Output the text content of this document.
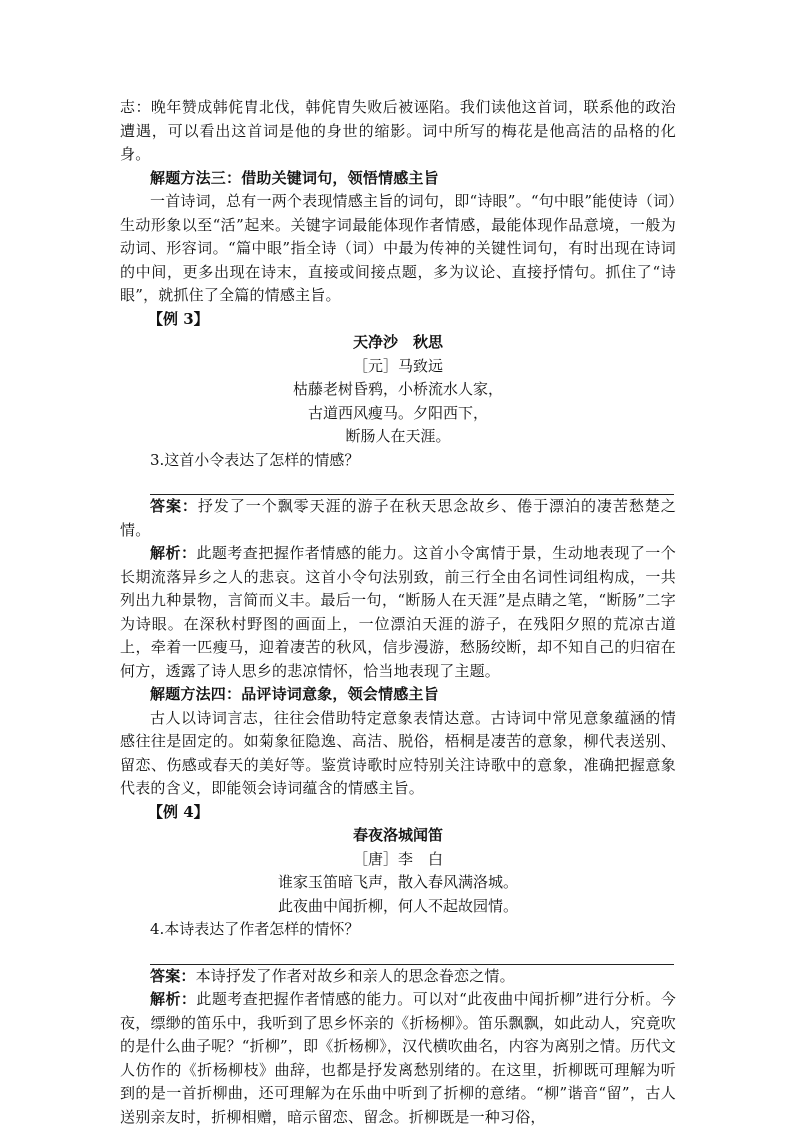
志：晚年赞成韩侂胄北伐，韩侂胄失败后被诬陷。我们读他这首词，联系他的政治遭遇，可以看出这首词是他的身世的缩影。词中所写的梅花是他高洁的品格的化身。

解题方法三：借助关键词句，领悟情感主旨

一首诗词，总有一两个表现情感主旨的词句，即“诗眼”。“句中眼”能使诗（词）生动形象以至“活”起来。关键字词最能体现作者情感，最能体现作品意境，一般为动词、形容词。“篇中眼”指全诗（词）中最为传神的关键性词句，有时出现在诗词的中间，更多出现在诗末，直接或间接点题，多为议论、直接抒情句。抓住了“诗眼”，就抓住了全篇的情感主旨。

【例 3】

天净沙　秋思

［元］马致远

枯藤老树昏鸦，小桥流水人家，

古道西风瘦马。夕阳西下，

断肠人在天涯。

3.这首小令表达了怎样的情感？

答案：抒发了一个飘零天涯的游子在秋天思念故乡、倦于漂泊的凄苦愁楚之情。

解析：此题考查把握作者情感的能力。这首小令寓情于景，生动地表现了一个长期流落异乡之人的悲哀。这首小令句法别致，前三行全由名词性词组构成，一共列出九种景物，言简而义丰。最后一句，“断肠人在天涯”是点睛之笔，“断肠”二字为诗眼。在深秋村野图的画面上，一位漂泊天涯的游子，在残阳夕照的荒凉古道上，牵着一匹瘦马，迎着凄苦的秋风，信步漫游，愁肠绞断，却不知自己的归宿在何方，透露了诗人思乡的悲凉情怀，恰当地表现了主题。

解题方法四：品评诗词意象，领会情感主旨

古人以诗词言志，往往会借助特定意象表情达意。古诗词中常见意象蕴涵的情感往往是固定的。如菊象征隐逸、高洁、脱俗，梧桐是凄苦的意象，柳代表送别、留恋、伤感或春天的美好等。鉴赏诗歌时应特别关注诗歌中的意象，准确把握意象代表的含义，即能领会诗词蕴含的情感主旨。

【例 4】

春夜洛城闻笛

［唐］李　白

谁家玉笛暗飞声，散入春风满洛城。

此夜曲中闻折柳，何人不起故园情。

4.本诗表达了作者怎样的情怀？

答案：本诗抒发了作者对故乡和亲人的思念眷恋之情。

解析：此题考查把握作者情感的能力。可以对“此夜曲中闻折柳”进行分析。今夜，缥缈的笛乐中，我听到了思乡怀亲的《折杨柳》。笛乐飘飘，如此动人，究竟吹的是什么曲子呢？“折柳”，即《折杨柳》，汉代横吹曲名，内容为离别之情。历代文人仿作的《折杨柳枝》曲辞，也都是抒发离愁别绪的。在这里，折柳既可理解为听到的是一首折柳曲，还可理解为在乐曲中听到了折柳的意绪。“柳”谐音“留”，古人送别亲友时，折柳相赠，暗示留恋、留念。折柳既是一种习俗，
